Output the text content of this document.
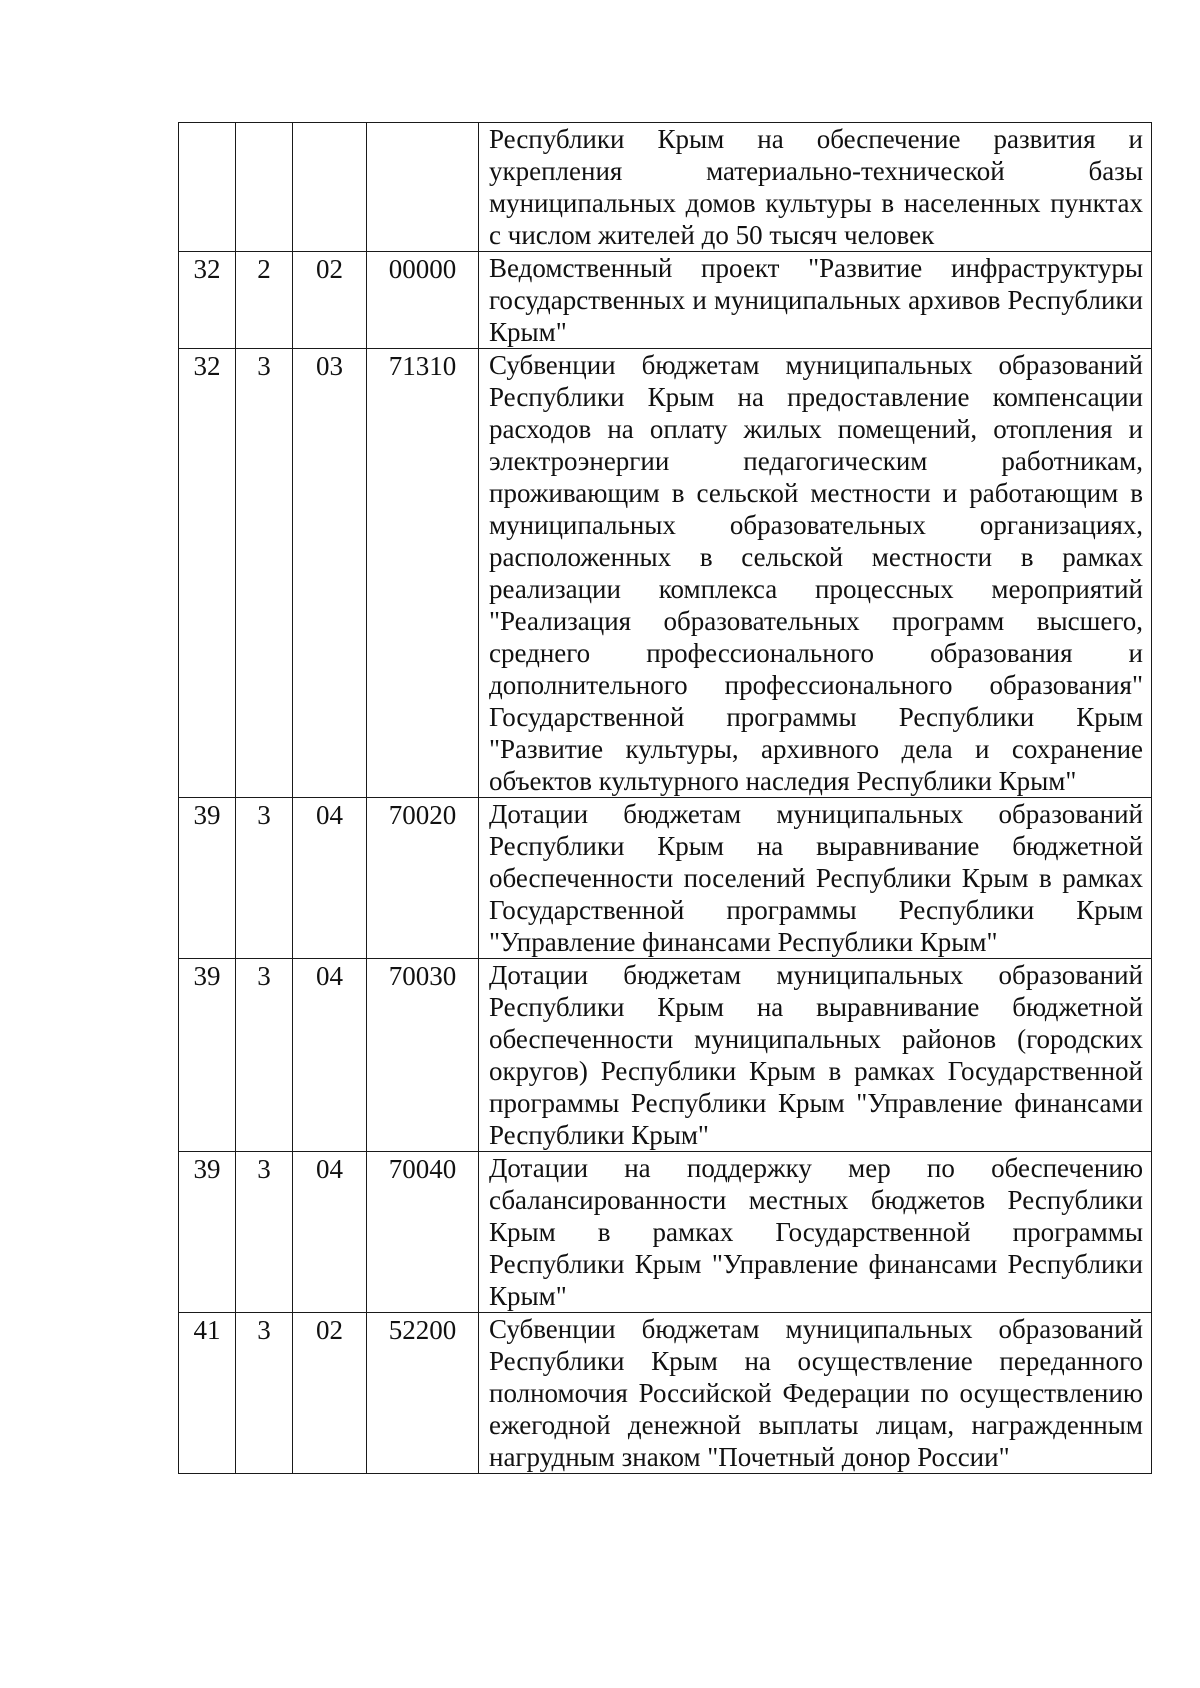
				Республики Крым на обеспечение развития и укрепления материально-технической базы муниципальных домов культуры в населенных пунктах с числом жителей до 50 тысяч человек
32	2	02	00000	Ведомственный проект "Развитие инфраструктуры государственных и муниципальных архивов Республики Крым"
32	3	03	71310	Субвенции бюджетам муниципальных образований Республики Крым на предоставление компенсации расходов на оплату жилых помещений, отопления и электроэнергии педагогическим работникам, проживающим в сельской местности и работающим в муниципальных образовательных организациях, расположенных в сельской местности в рамках реализации комплекса процессных мероприятий "Реализация образовательных программ высшего, среднего профессионального образования и дополнительного профессионального образования" Государственной программы Республики Крым "Развитие культуры, архивного дела и сохранение объектов культурного наследия Республики Крым"
39	3	04	70020	Дотации бюджетам муниципальных образований Республики Крым на выравнивание бюджетной обеспеченности поселений Республики Крым в рамках Государственной программы Республики Крым "Управление финансами Республики Крым"
39	3	04	70030	Дотации бюджетам муниципальных образований Республики Крым на выравнивание бюджетной обеспеченности муниципальных районов (городских округов) Республики Крым в рамках Государственной программы Республики Крым "Управление финансами Республики Крым"
39	3	04	70040	Дотации на поддержку мер по обеспечению сбалансированности местных бюджетов Республики Крым в рамках Государственной программы Республики Крым "Управление финансами Республики Крым"
41	3	02	52200	Субвенции бюджетам муниципальных образований Республики Крым на осуществление переданного полномочия Российской Федерации по осуществлению ежегодной денежной выплаты лицам, награжденным нагрудным знаком "Почетный донор России"
